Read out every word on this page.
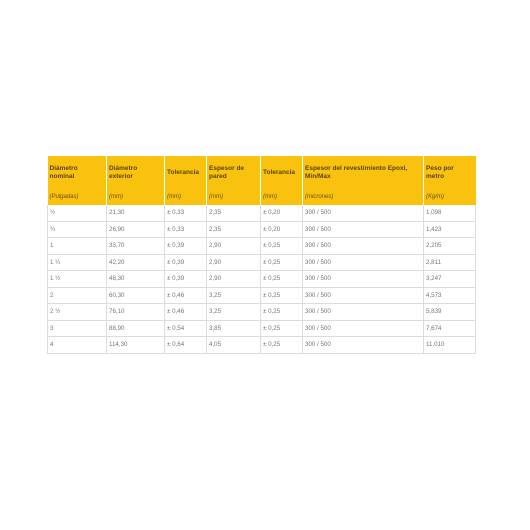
Diámetro nominal	Diámetro exterior	Tolerancia	Espesor de pared	Tolerancia	Espesor del revestimiento Epoxi, Min/Max	Peso por metro
(Pulgadas)	(mm)	(mm)	(mm)	(mm)	(micrones)	(Kg/m)
½	21,30	± 0,33	2,35	± 0,20	300 / 500	1,098
¾	26,90	± 0,33	2,35	± 0,20	300 / 500	1,423
1	33,70	± 0,39	2,90	± 0,25	300 / 500	2,205
1 ¼	42,20	± 0,39	2,90	± 0,25	300 / 500	2,811
1 ½	48,30	± 0,39	2,90	± 0,25	300 / 500	3,247
2	60,30	± 0,46	3,25	± 0,25	300 / 500	4,573
2 ½	76,10	± 0,46	3,25	± 0,25	300 / 500	5,839
3	88,90	± 0,54	3,85	± 0,25	300 / 500	7,674
4	114,30	± 0,64	4,05	± 0,25	300 / 500	11,010
